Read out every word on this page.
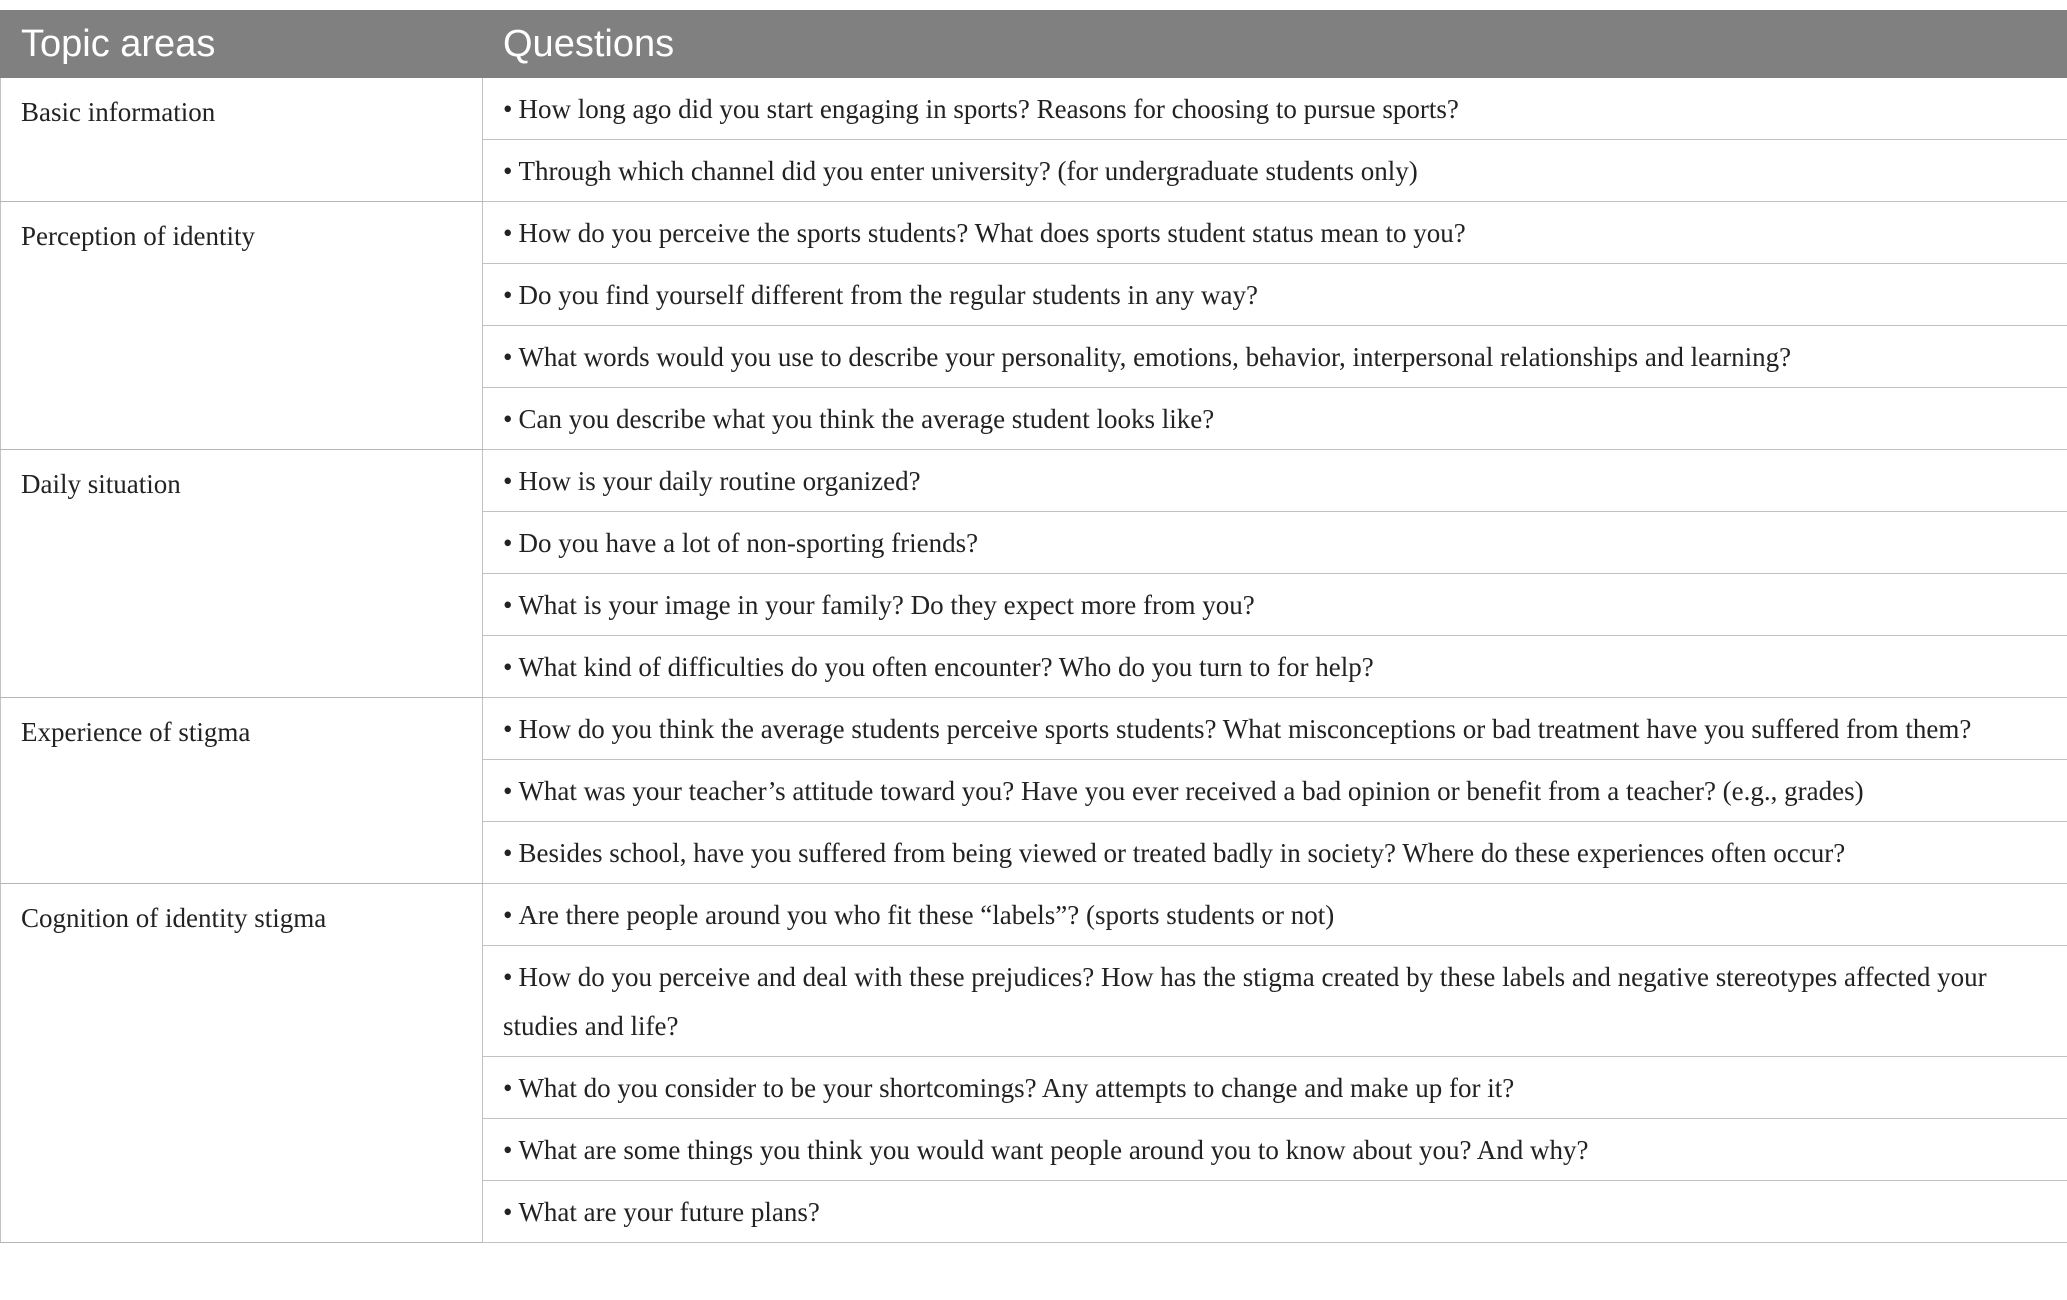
Topic areas	Questions
Basic information	• How long ago did you start engaging in sports? Reasons for choosing to pursue sports?
	• Through which channel did you enter university? (for undergraduate students only)
Perception of identity	• How do you perceive the sports students? What does sports student status mean to you?
	• Do you find yourself different from the regular students in any way?
	• What words would you use to describe your personality, emotions, behavior, interpersonal relationships and learning?
	• Can you describe what you think the average student looks like?
Daily situation	• How is your daily routine organized?
	• Do you have a lot of non-sporting friends?
	• What is your image in your family? Do they expect more from you?
	• What kind of difficulties do you often encounter? Who do you turn to for help?
Experience of stigma	• How do you think the average students perceive sports students? What misconceptions or bad treatment have you suffered from them?
	• What was your teacher’s attitude toward you? Have you ever received a bad opinion or benefit from a teacher? (e.g., grades)
	• Besides school, have you suffered from being viewed or treated badly in society? Where do these experiences often occur?
Cognition of identity stigma	• Are there people around you who fit these “labels”? (sports students or not)
	• How do you perceive and deal with these prejudices? How has the stigma created by these labels and negative stereotypes affected your studies and life?
	• What do you consider to be your shortcomings? Any attempts to change and make up for it?
	• What are some things you think you would want people around you to know about you? And why?
	• What are your future plans?
